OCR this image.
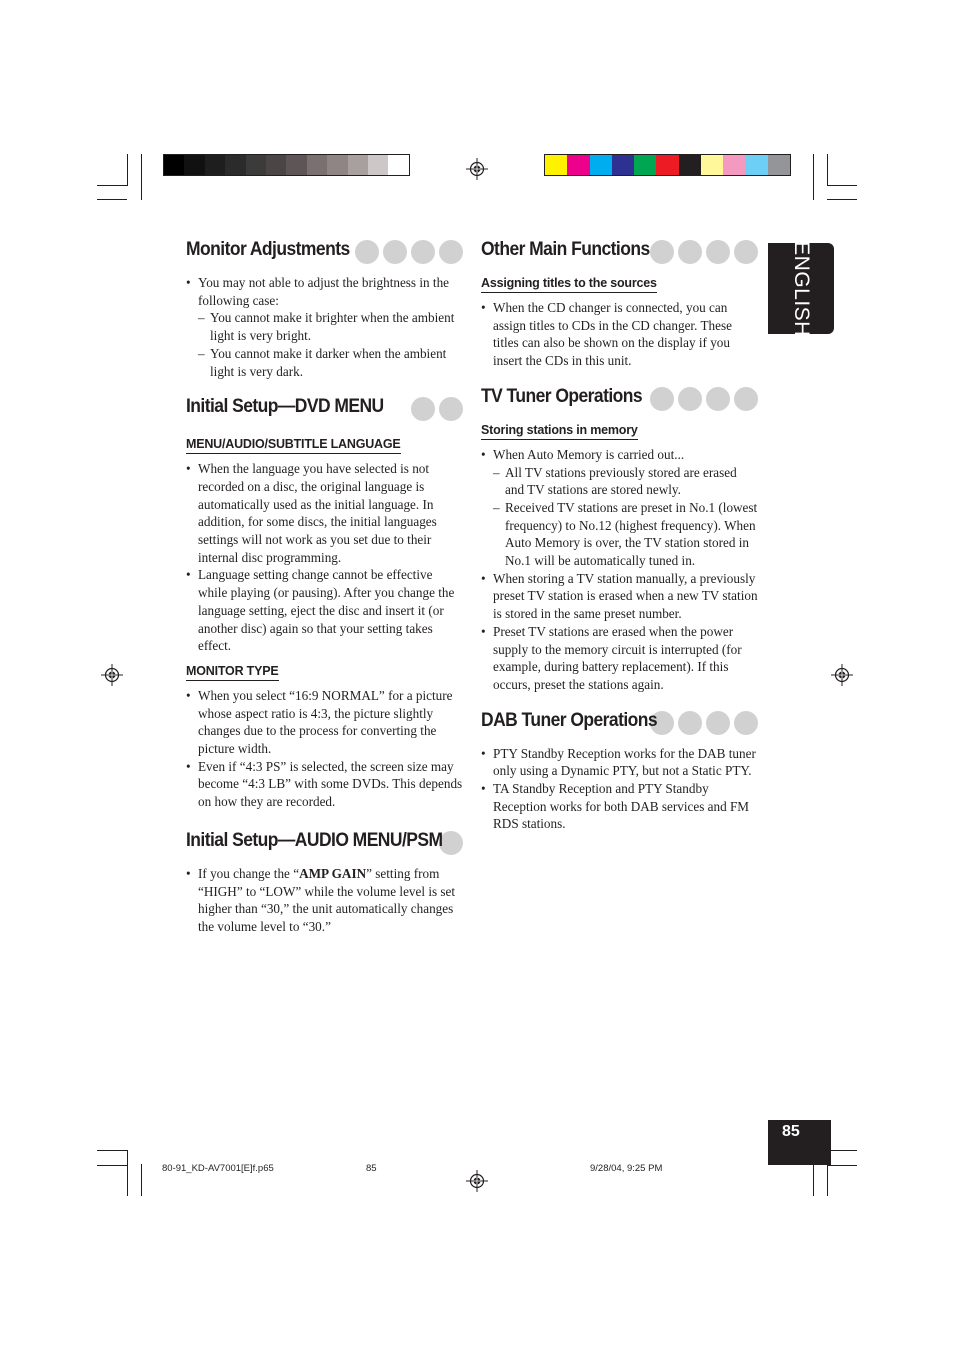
ENGLISH
Monitor Adjustments
• You may not able to adjust the brightness in the following case:
– You cannot make it brighter when the ambient light is very bright.
– You cannot make it darker when the ambient light is very dark.
Initial Setup—DVD MENU
MENU/AUDIO/SUBTITLE LANGUAGE
• When the language you have selected is not recorded on a disc, the original language is automatically used as the initial language. In addition, for some discs, the initial languages settings will not work as you set due to their internal disc programming.
• Language setting change cannot be effective while playing (or pausing). After you change the language setting, eject the disc and insert it (or another disc) again so that your setting takes effect.
MONITOR TYPE
• When you select “16:9 NORMAL” for a picture whose aspect ratio is 4:3, the picture slightly changes due to the process for converting the picture width.
• Even if “4:3 PS” is selected, the screen size may become “4:3 LB” with some DVDs. This depends on how they are recorded.
Initial Setup—AUDIO MENU/PSM
• If you change the “AMP GAIN” setting from “HIGH” to “LOW” while the volume level is set higher than “30,” the unit automatically changes the volume level to “30.”
Other Main Functions
Assigning titles to the sources
• When the CD changer is connected, you can assign titles to CDs in the CD changer. These titles can also be shown on the display if you insert the CDs in this unit.
TV Tuner Operations
Storing stations in memory
• When Auto Memory is carried out...
– All TV stations previously stored are erased and TV stations are stored newly.
– Received TV stations are preset in No.1 (lowest frequency) to No.12 (highest frequency). When Auto Memory is over, the TV station stored in No.1 will be automatically tuned in.
• When storing a TV station manually, a previously preset TV station is erased when a new TV station is stored in the same preset number.
• Preset TV stations are erased when the power supply to the memory circuit is interrupted (for example, during battery replacement). If this occurs, preset the stations again.
DAB Tuner Operations
• PTY Standby Reception works for the DAB tuner only using a Dynamic PTY, but not a Static PTY.
• TA Standby Reception and PTY Standby Reception works for both DAB services and FM RDS stations.
85
80-91_KD-AV7001[E]f.p65	85	9/28/04, 9:25 PM
